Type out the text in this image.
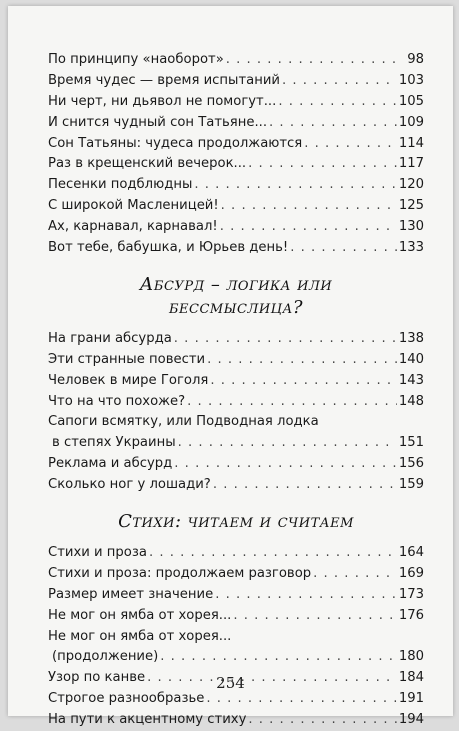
По принципу «наоборот» . . .	98
Время чудес — время испытаний . . .	103
Ни черт, ни дьявол не помогут... . . .	105
И снится чудный сон Татьяне... . . .	109
Сон Татьяны: чудеса продолжаются . . .	114
Раз в крещенский вечерок... . . .	117
Песенки подблюдны . . .	120
С широкой Масленицей! . . .	125
Ах, карнавал, карнавал! . . .	130
Вот тебе, бабушка, и Юрьев день! . . .	133
Абсурд – логика или
бессмыслица?
На грани абсурда . . .	138
Эти странные повести . . .	140
Человек в мире Гоголя . . .	143
Что на что похоже? . . .	148
Сапоги всмятку, или Подводная лодка
в степях Украины . . .	151
Реклама и абсурд . . .	156
Сколько ног у лошади? . . .	159
Стихи: читаем и считаем
Стихи и проза . . .	164
Стихи и проза: продолжаем разговор . . .	169
Размер имеет значение . . .	173
Не мог он ямба от хорея... . . .	176
Не мог он ямба от хорея...
(продолжение) . . .	180
Узор по канве . . .	184
Строгое разнообразье . . .	191
На пути к акцентному стиху . . .	194
254
